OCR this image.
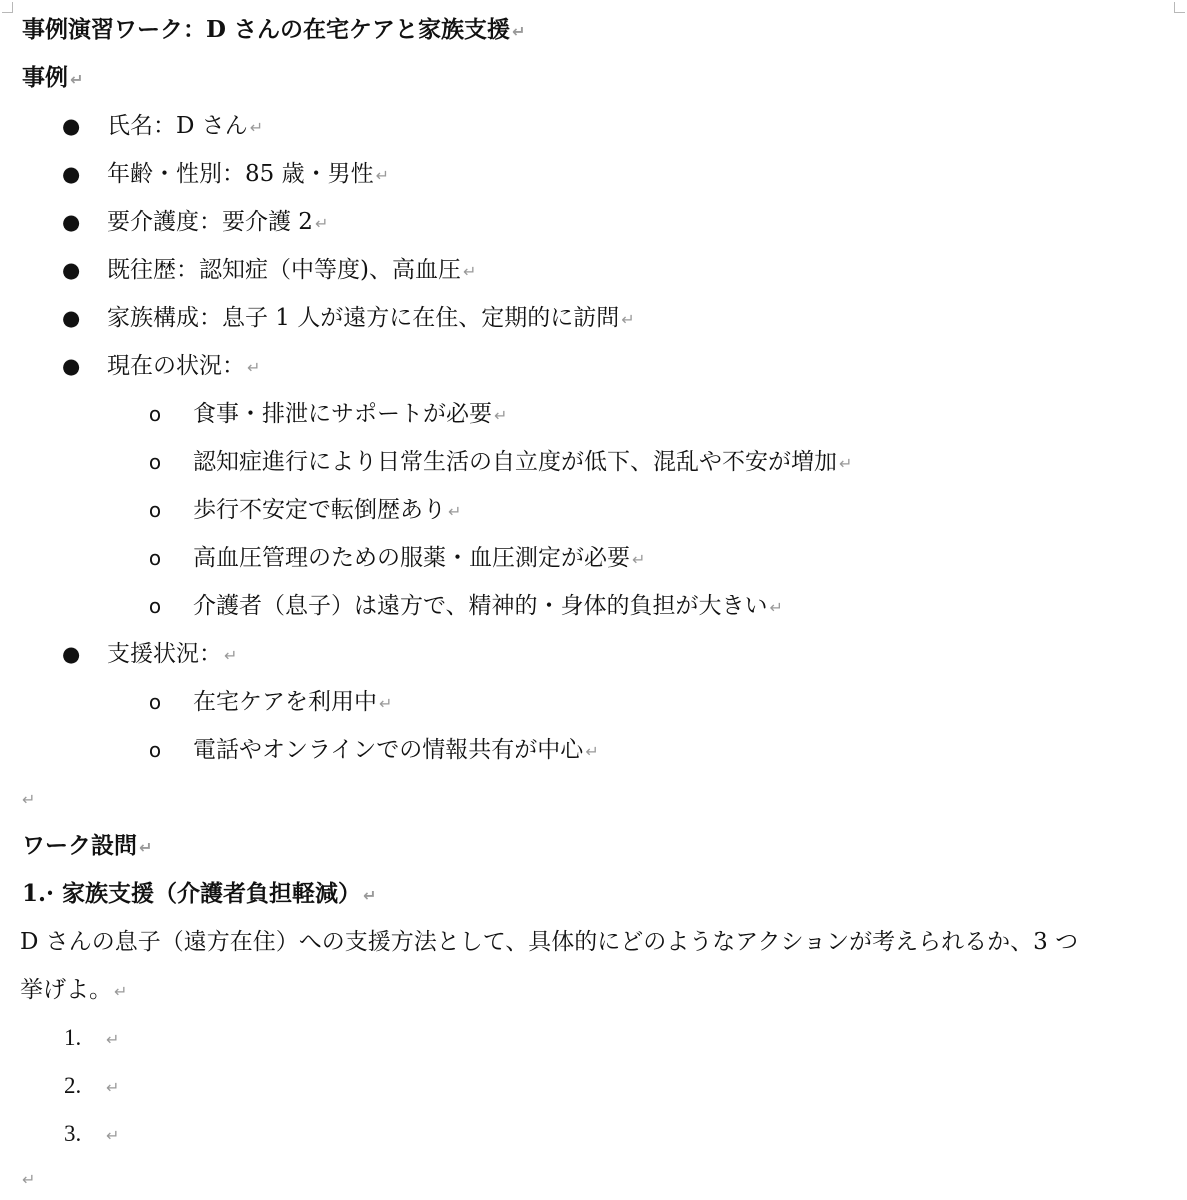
事例演習ワーク：D さんの在宅ケアと家族支援 ↵
事例 ↵
● 氏名：D さん ↵
● 年齢・性別：85 歳・男性 ↵
● 要介護度：要介護 2 ↵
● 既往歴：認知症（中等度)、高血圧 ↵
● 家族構成：息子 1 人が遠方に在住、定期的に訪問 ↵
● 現在の状況： ↵
o 食事・排泄にサポートが必要 ↵
o 認知症進行により日常生活の自立度が低下、混乱や不安が増加 ↵
o 歩行不安定で転倒歴あり ↵
o 高血圧管理のための服薬・血圧測定が必要 ↵
o 介護者（息子）は遠方で、精神的・身体的負担が大きい ↵
● 支援状況： ↵
o 在宅ケアを利用中 ↵
o 電話やオンラインでの情報共有が中心 ↵
↵
ワーク設問 ↵
1.· 家族支援（介護者負担軽減） ↵
D さんの息子（遠方在住）への支援方法として、具体的にどのようなアクションが考えられるか、3 つ
挙げよ。 ↵
1. ↵
2. ↵
3. ↵
↵
